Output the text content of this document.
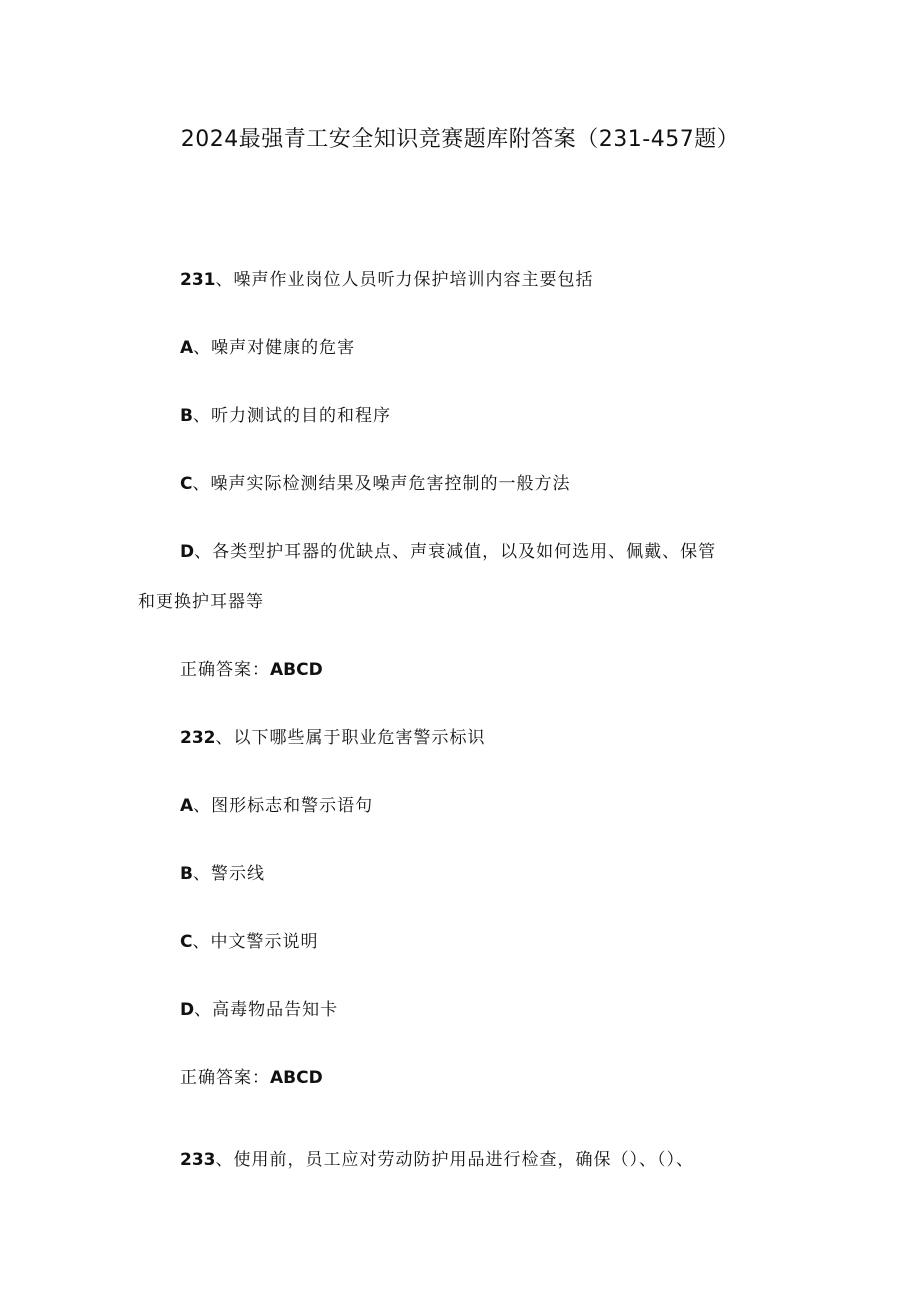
2024最强青工安全知识竞赛题库附答案（231-457题）
231、噪声作业岗位人员听力保护培训内容主要包括
A、噪声对健康的危害
B、听力测试的目的和程序
C、噪声实际检测结果及噪声危害控制的一般方法
D、各类型护耳器的优缺点、声衰减值，以及如何选用、佩戴、保管
和更换护耳器等
正确答案：ABCD
232、以下哪些属于职业危害警示标识
A、图形标志和警示语句
B、警示线
C、中文警示说明
D、高毒物品告知卡
正确答案：ABCD
233、使用前，员工应对劳动防护用品进行检查，确保（）、（）、
